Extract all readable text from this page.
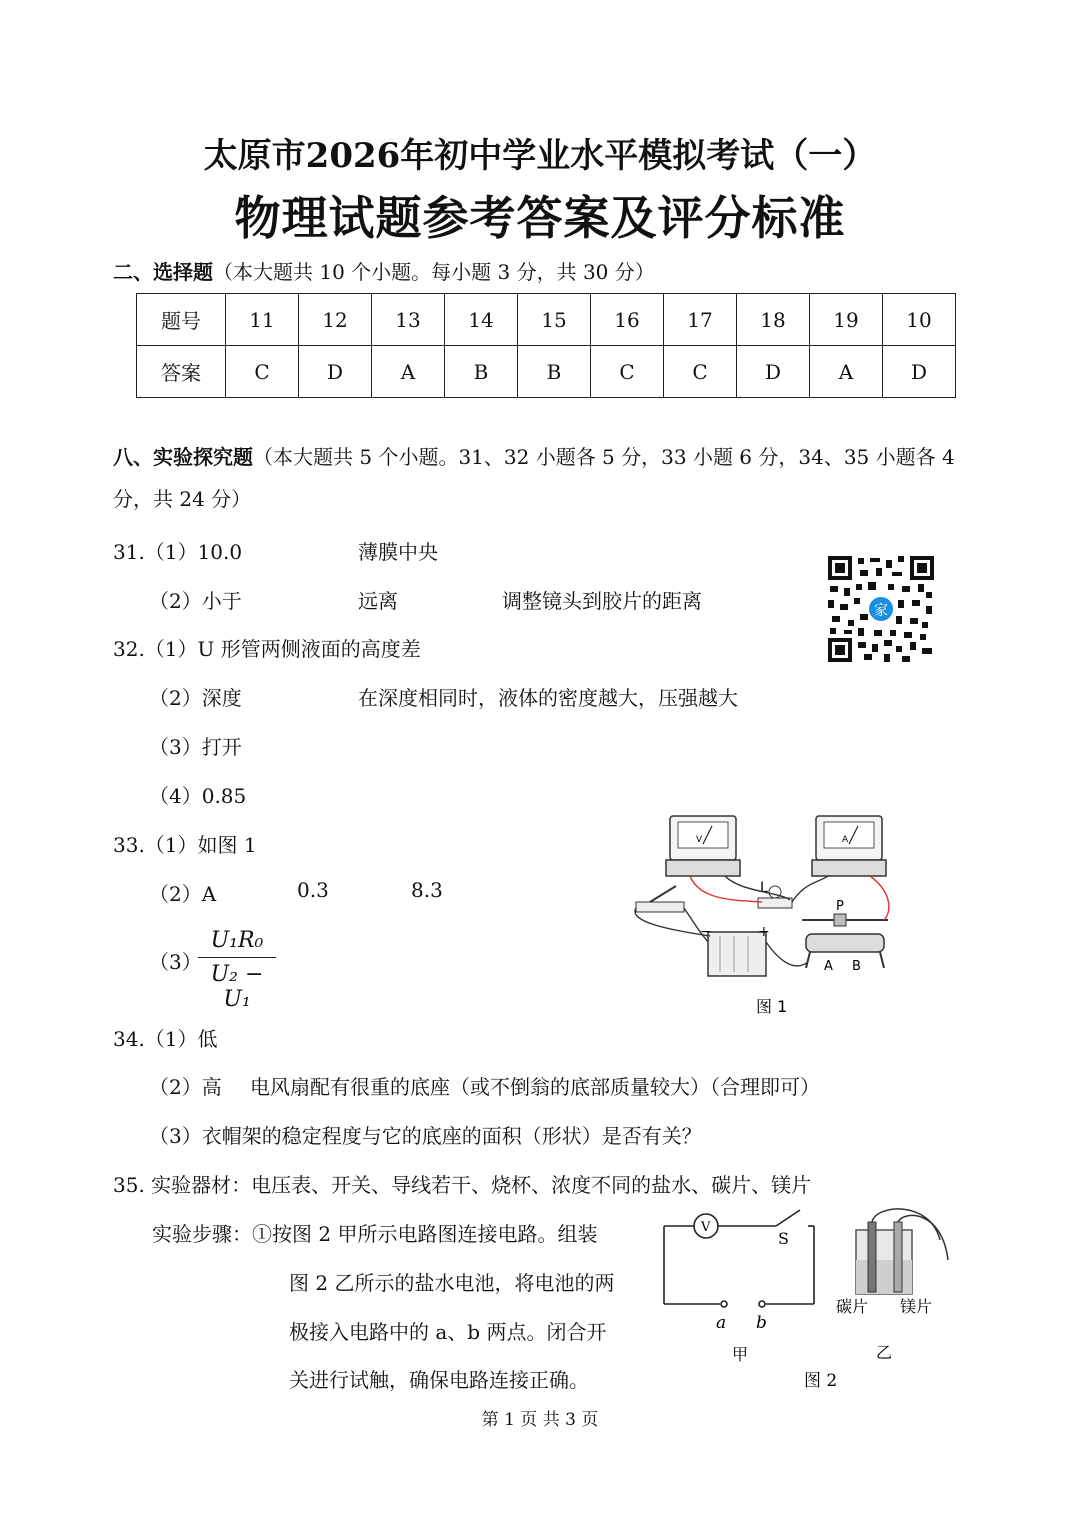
太原市2026年初中学业水平模拟考试（一）
物理试题参考答案及评分标准
二、选择题（本大题共 10 个小题。每小题 3 分，共 30 分）
题号	11	12	13	14	15	16	17	18	19	10
答案	C	D	A	B	B	C	C	D	A	D
八、实验探究题（本大题共 5 个小题。31、32 小题各 5 分，33 小题 6 分，34、35 小题各 4
分，共 24 分）
31.（1）10.0	薄膜中央
（2）小于	远离	调整镜头到胶片的距离	家
32.（1）U 形管两侧液面的高度差
（2）深度	在深度相同时，液体的密度越大，压强越大
（3）打开
（4）0.85
33.（1）如图 1
（2）A	0.3	8.3
（3）
$\frac{\text{U₁R₀}}{\text{U₂ − U₁}}$
V	A
L
−	+
P
A B
图 1
34.（1）低
（2）高 电风扇配有很重的底座（或不倒翁的底部质量较大）（合理即可）
（3）衣帽架的稳定程度与它的底座的面积（形状）是否有关？
35. 实验器材：电压表、开关、导线若干、烧杯、浓度不同的盐水、碳片、镁片
实验步骤：①按图 2 甲所示电路图连接电路。组装
图 2 乙所示的盐水电池，将电池的两
极接入电路中的 a、b 两点。闭合开
关进行试触，确保电路连接正确。
V
S
a b
甲
碳片 镁片
乙
图 2
第 1 页 共 3 页
